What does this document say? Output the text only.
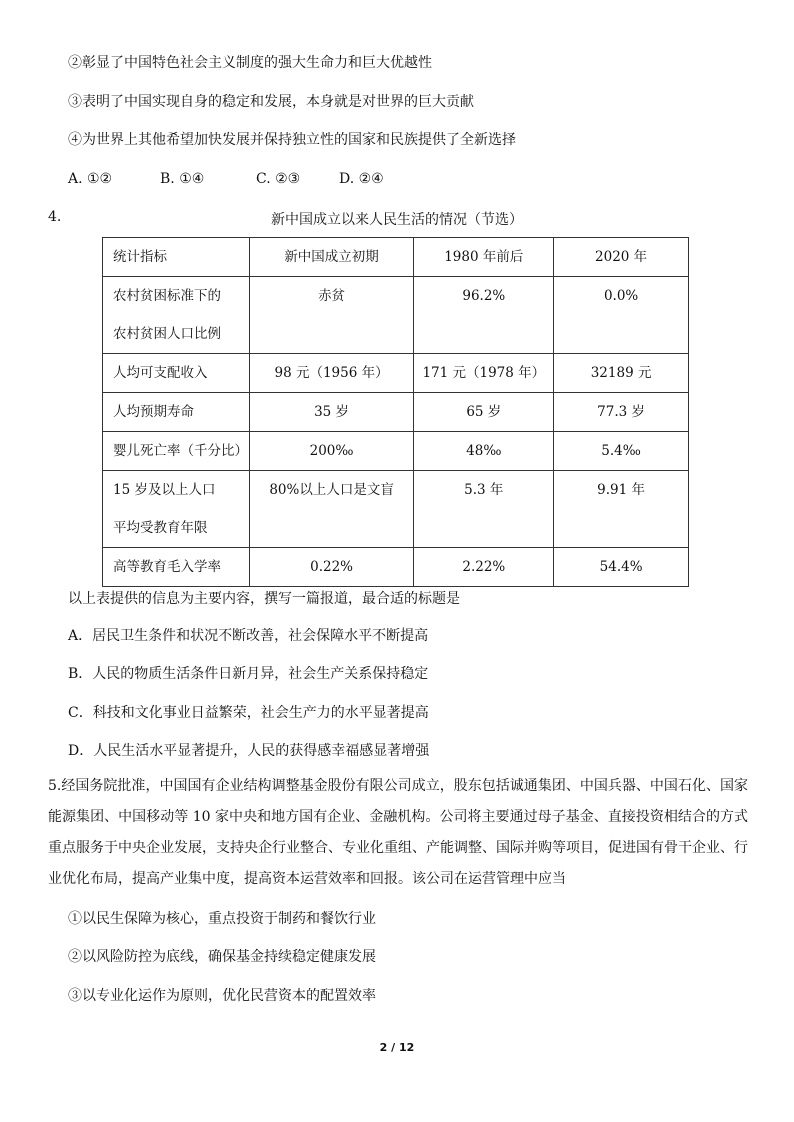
②彰显了中国特色社会主义制度的强大生命力和巨大优越性
③表明了中国实现自身的稳定和发展，本身就是对世界的巨大贡献
④为世界上其他希望加快发展并保持独立性的国家和民族提供了全新选择
A. ①②	B. ①④	C. ②③	D. ②④
4.	新中国成立以来人民生活的情况（节选）
统计指标	新中国成立初期	1980 年前后	2020 年

农村贫困标准下的
农村贫困人口比例	赤贫	96.2%	0.0%

人均可支配收入	98 元（1956 年）	171 元（1978 年）	32189 元

人均预期寿命	35 岁	65 岁	77.3 岁

婴儿死亡率（千分比）	200‰	48‰	5.4‰

15 岁及以上人口
平均受教育年限	80%以上人口是文盲	5.3 年	9.91 年

高等教育毛入学率	0.22%	2.22%	54.4%
以上表提供的信息为主要内容，撰写一篇报道，最合适的标题是
A．居民卫生条件和状况不断改善，社会保障水平不断提高
B．人民的物质生活条件日新月异，社会生产关系保持稳定
C．科技和文化事业日益繁荣，社会生产力的水平显著提高
D．人民生活水平显著提升，人民的获得感幸福感显著增强
5.经国务院批准，中国国有企业结构调整基金股份有限公司成立，股东包括诚通集团、中国兵器、中国石化、国家能源集团、中国移动等 10 家中央和地方国有企业、金融机构。公司将主要通过母子基金、直接投资相结合的方式重点服务于中央企业发展，支持央企行业整合、专业化重组、产能调整、国际并购等项目，促进国有骨干企业、行业优化布局，提高产业集中度，提高资本运营效率和回报。该公司在运营管理中应当
①以民生保障为核心，重点投资于制药和餐饮行业
②以风险防控为底线，确保基金持续稳定健康发展
③以专业化运作为原则，优化民营资本的配置效率
2 / 12
